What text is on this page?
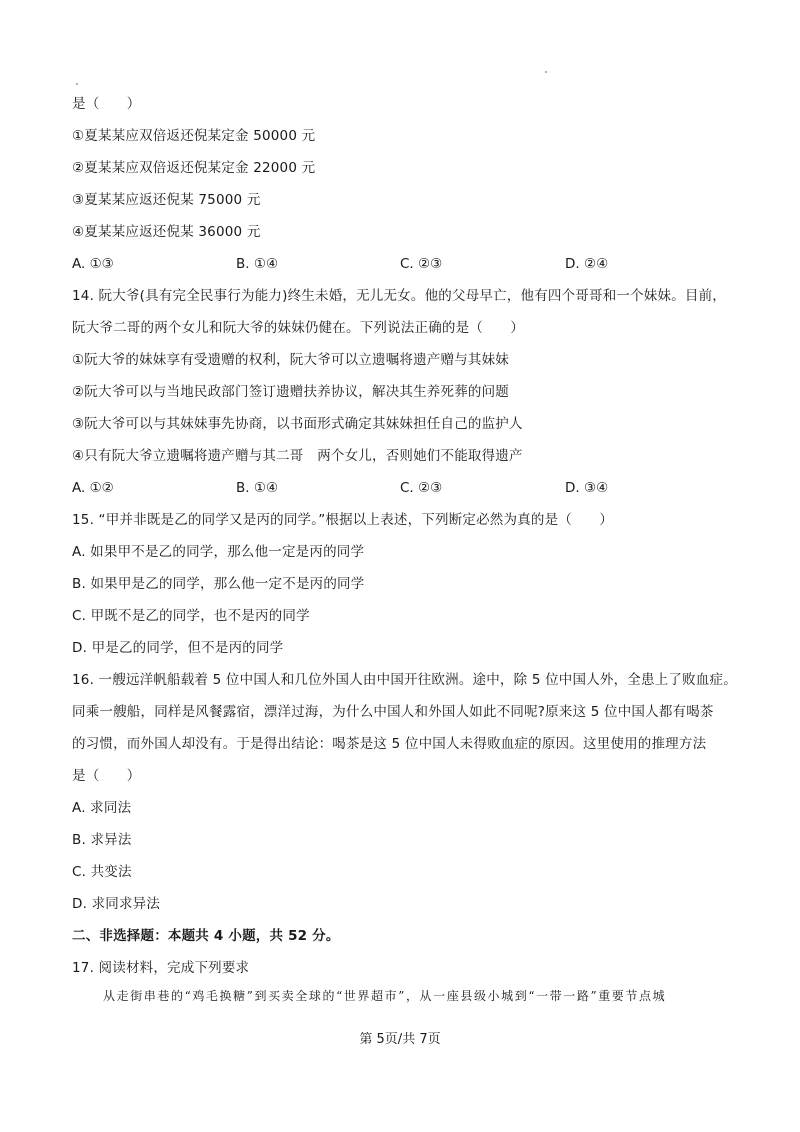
是（　　）
①夏某某应双倍返还倪某定金 50000 元
②夏某某应双倍返还倪某定金 22000 元
③夏某某应返还倪某 75000 元
④夏某某应返还倪某 36000 元
A. ①③	B. ①④	C. ②③	D. ②④
14. 阮大爷(具有完全民事行为能力)终生未婚，无儿无女。他的父母早亡，他有四个哥哥和一个妹妹。目前，
阮大爷二哥的两个女儿和阮大爷的妹妹仍健在。下列说法正确的是（　　）
①阮大爷的妹妹享有受遗赠的权利，阮大爷可以立遗嘱将遗产赠与其妹妹
②阮大爷可以与当地民政部门签订遗赠扶养协议，解决其生养死葬的问题
③阮大爷可以与其妹妹事先协商，以书面形式确定其妹妹担任自己的监护人
④只有阮大爷立遗嘱将遗产赠与其二哥　两个女儿，否则她们不能取得遗产
A. ①②	B. ①④	C. ②③	D. ③④
15. “甲并非既是乙的同学又是丙的同学。”根据以上表述，下列断定必然为真的是（　　）
A. 如果甲不是乙的同学，那么他一定是丙的同学
B. 如果甲是乙的同学，那么他一定不是丙的同学
C. 甲既不是乙的同学，也不是丙的同学
D. 甲是乙的同学，但不是丙的同学
16. 一艘远洋帆船载着 5 位中国人和几位外国人由中国开往欧洲。途中，除 5 位中国人外，全患上了败血症。
同乘一艘船，同样是风餐露宿，漂洋过海，为什么中国人和外国人如此不同呢?原来这 5 位中国人都有喝茶
的习惯，而外国人却没有。于是得出结论：喝茶是这 5 位中国人未得败血症的原因。这里使用的推理方法
是（　　）
A. 求同法
B. 求异法
C. 共变法
D. 求同求异法
二、非选择题：本题共 4 小题，共 52 分。
17. 阅读材料，完成下列要求
从走街串巷的“鸡毛换糖”到买卖全球的“世界超市”，从一座县级小城到“一带一路”重要节点城
第 5页/共 7页
